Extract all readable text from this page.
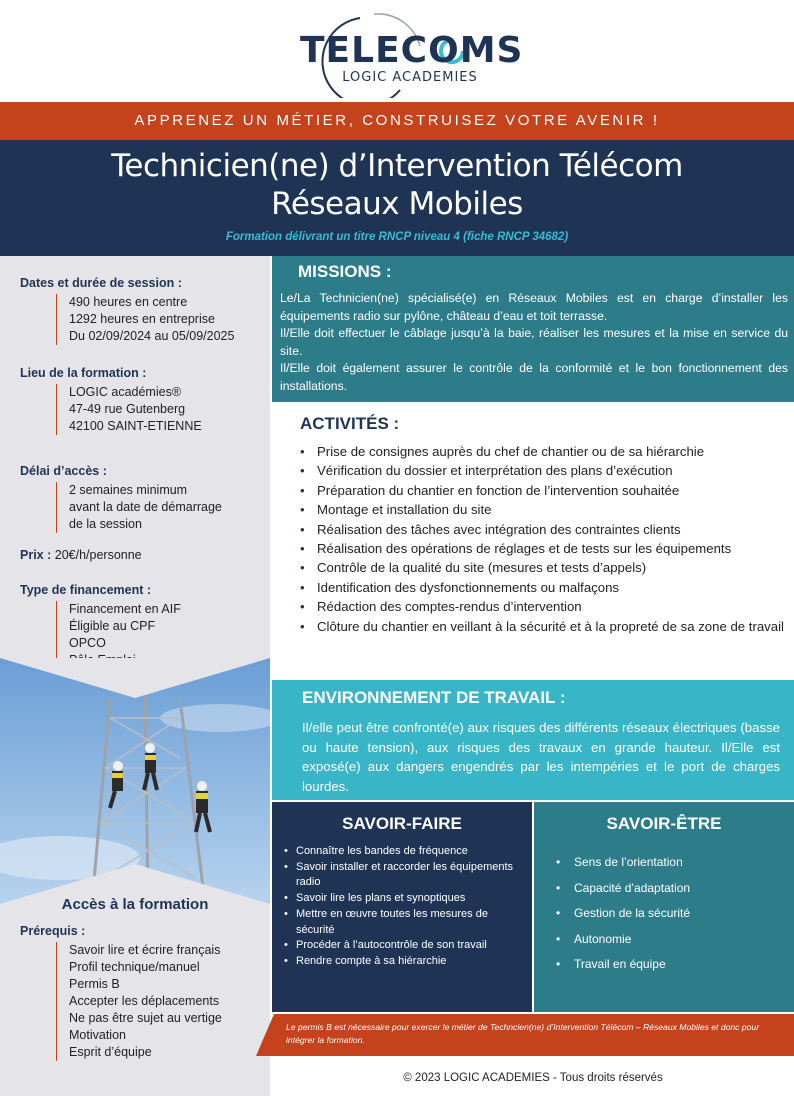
TELECOMS
LOGIC ACADEMIES
APPRENEZ UN MÉTIER, CONSTRUISEZ VOTRE AVENIR !
Technicien(ne) d’Intervention Télécom
Réseaux Mobiles
Formation délivrant un titre RNCP niveau 4 (fiche RNCP 34682)
Dates et durée de session :
490 heures en centre
1292 heures en entreprise
Du 02/09/2024 au 05/09/2025
Lieu de la formation :
LOGIC académies®
47-49 rue Gutenberg
42100 SAINT-ETIENNE
Délai d’accès :
2 semaines minimum
avant la date de démarrage
de la session
Prix : 20€/h/personne
Type de financement :
Financement en AIF
Éligible au CPF
OPCO
Accès à la formation
Prérequis :
Savoir lire et écrire français
Profil technique/manuel
Permis B
Accepter les déplacements
Ne pas être sujet au vertige
Motivation
Esprit d’équipe
MISSIONS :
Le/La Technicien(ne) spécialisé(e) en Réseaux Mobiles est en charge d’installer les équipements radio sur pylône, château d’eau et toit terrasse.
Il/Elle doit effectuer le câblage jusqu’à la baie, réaliser les mesures et la mise en service du site.
Il/Elle doit également assurer le contrôle de la conformité et le bon fonctionnement des installations.
ACTIVITÉS :
• Prise de consignes auprès du chef de chantier ou de sa hiérarchie
• Vérification du dossier et interprétation des plans d’exécution
• Préparation du chantier en fonction de l’intervention souhaitée
• Montage et installation du site
• Réalisation des tâches avec intégration des contraintes clients
• Réalisation des opérations de réglages et de tests sur les équipements
• Contrôle de la qualité du site (mesures et tests d’appels)
• Identification des dysfonctionnements ou malfaçons
• Rédaction des comptes-rendus d’intervention
• Clôture du chantier en veillant à la sécurité et à la propreté de sa zone de travail
ENVIRONNEMENT DE TRAVAIL :
Il/elle peut être confronté(e) aux risques des différents réseaux électriques (basse ou haute tension), aux risques des travaux en grande hauteur. Il/Elle est exposé(e) aux dangers engendrés par les intempéries et le port de charges lourdes.
SAVOIR-FAIRE
• Connaître les bandes de fréquence
• Savoir installer et raccorder les équipements radio
• Savoir lire les plans et synoptiques
• Mettre en œuvre toutes les mesures de sécurité
• Procéder à l’autocontrôle de son travail
• Rendre compte à sa hiérarchie
SAVOIR-ÊTRE
• Sens de l’orientation
• Capacité d’adaptation
• Gestion de la sécurité
• Autonomie
• Travail en équipe
Le permis B est nécessaire pour exercer le métier de Techncien(ne) d’Intervention Télécom – Réseaux Mobiles et donc pour intégrer la formation.
© 2023 LOGIC ACADEMIES - Tous droits réservés
